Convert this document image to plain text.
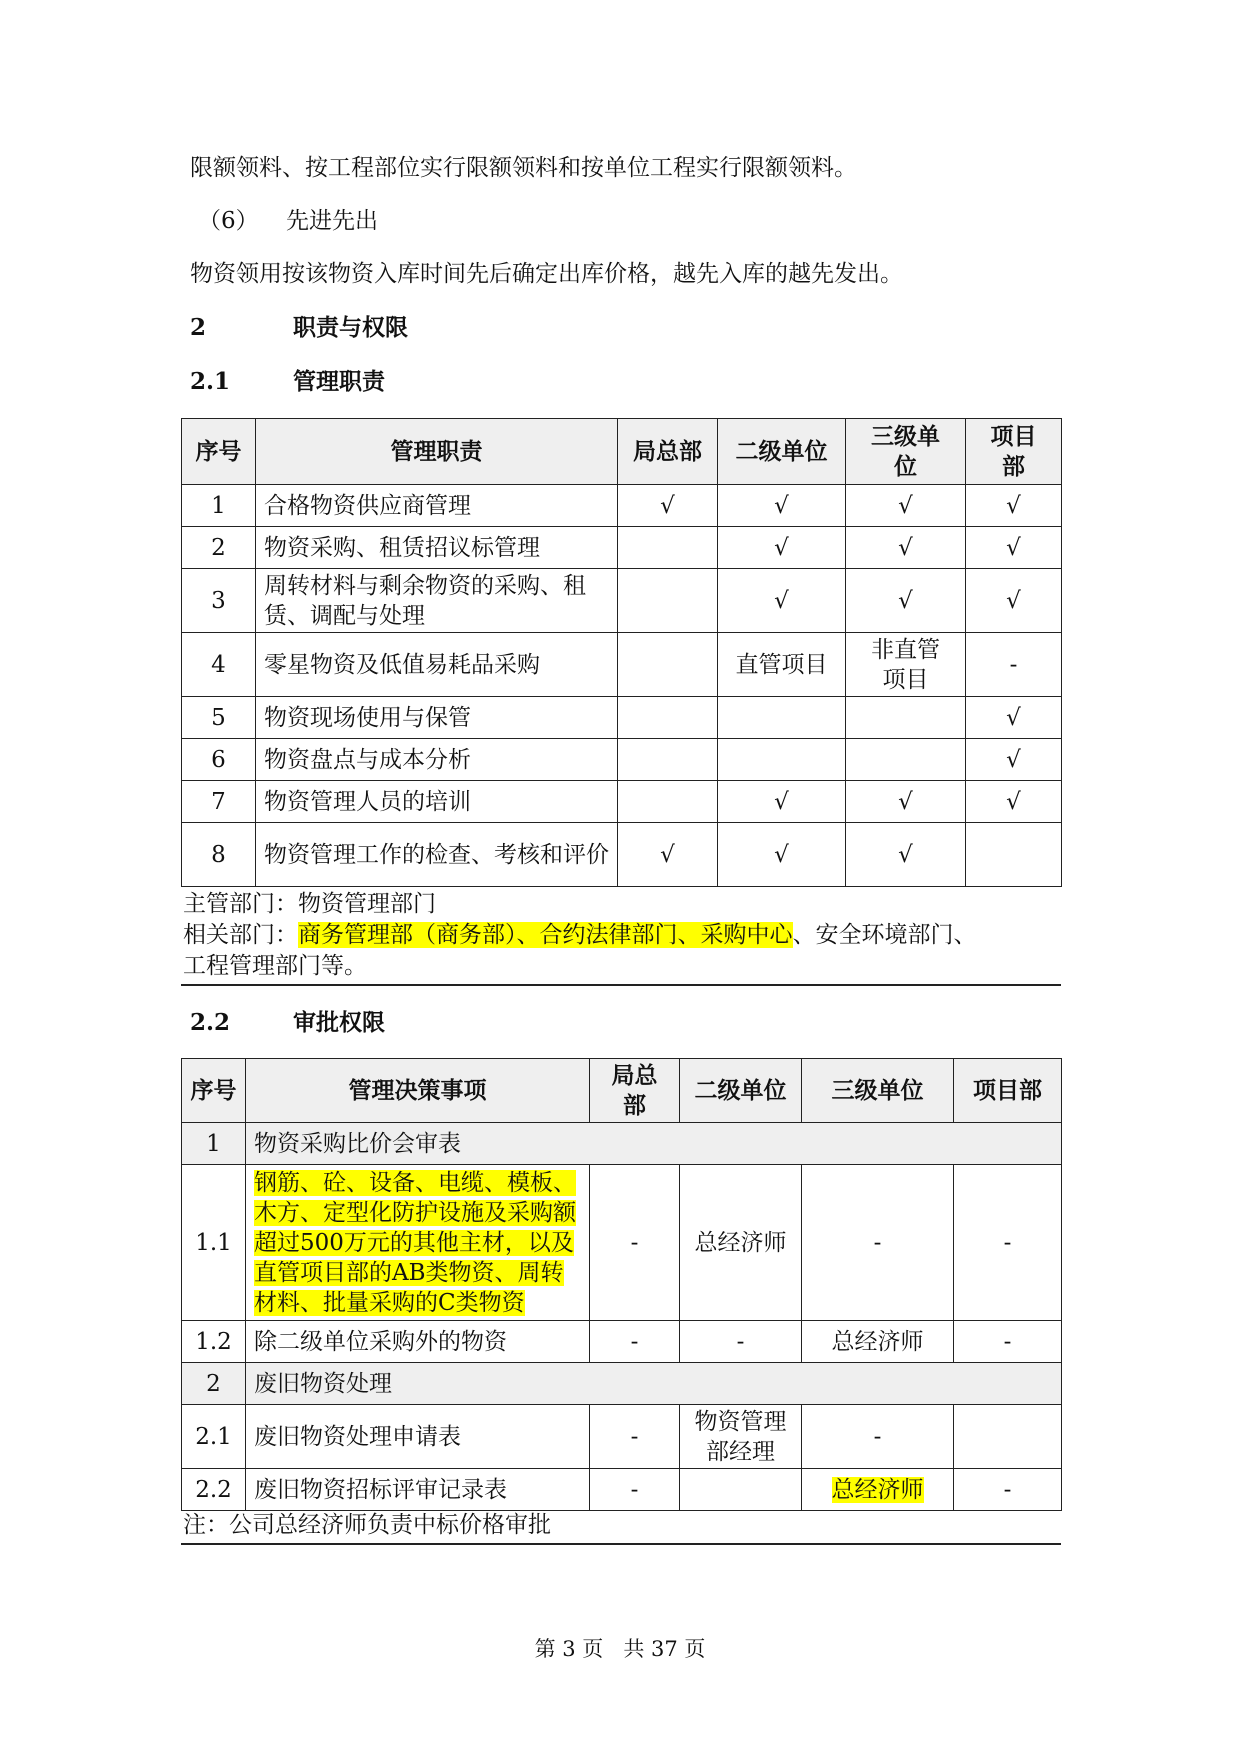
限额领料、按工程部位实行限额领料和按单位工程实行限额领料。
（6） 先进先出
物资领用按该物资入库时间先后确定出库价格，越先入库的越先发出。
2	职责与权限
2.1	管理职责
序号	管理职责	局总部	二级单位	三级单位	项目部
1	合格物资供应商管理	√	√	√	√
2	物资采购、租赁招议标管理		√	√	√
3	周转材料与剩余物资的采购、租赁、调配与处理		√	√	√
4	零星物资及低值易耗品采购		直管项目	非直管项目	-
5	物资现场使用与保管				√
6	物资盘点与成本分析				√
7	物资管理人员的培训		√	√	√
8	物资管理工作的检查、考核和评价	√	√	√	
主管部门：物资管理部门
相关部门：商务管理部（商务部）、合约法律部门、采购中心、安全环境部门、
工程管理部门等。
2.2	审批权限
序号	管理决策事项	局总部	二级单位	三级单位	项目部
1	物资采购比价会审表				
1.1	钢筋、砼、设备、电缆、模板、木方、定型化防护设施及采购额超过500万元的其他主材，以及直管项目部的AB类物资、周转材料、批量采购的C类物资	-	总经济师	-	-
1.2	除二级单位采购外的物资	-	-	总经济师	-
2	废旧物资处理				
2.1	废旧物资处理申请表	-	物资管理部经理	-	
2.2	废旧物资招标评审记录表	-		总经济师	-
注：公司总经济师负责中标价格审批
第 3 页 共 37 页
